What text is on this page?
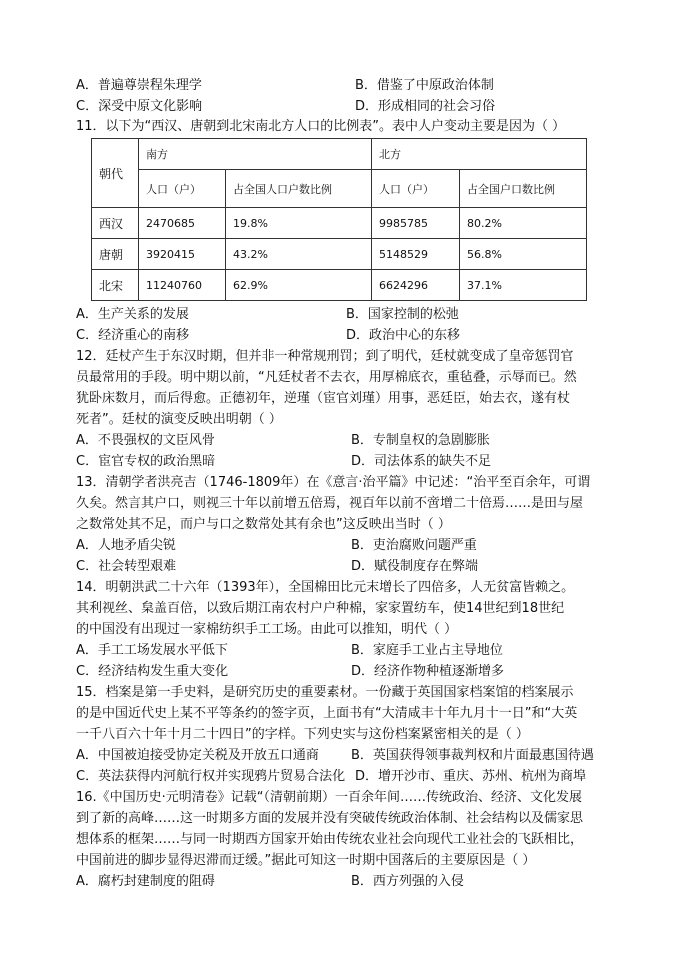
A．普遍尊崇程朱理学	B．借鉴了中原政治体制
C．深受中原文化影响	D．形成相同的社会习俗
11．以下为“西汉、唐朝到北宋南北方人口的比例表”。表中人户变动主要是因为（ ）
朝代	南方		北方	
	人口（户）	占全国人口户数比例	人口（户）	占全国户口数比例
西汉	2470685	19.8%	9985785	80.2%
唐朝	3920415	43.2%	5148529	56.8%
北宋	11240760	62.9%	6624296	37.1%
A．生产关系的发展	B．国家控制的松弛
C．经济重心的南移	D．政治中心的东移
12．廷杖产生于东汉时期，但并非一种常规刑罚；到了明代，廷杖就变成了皇帝惩罚官
员最常用的手段。明中期以前，“凡廷杖者不去衣，用厚棉底衣，重毡叠，示辱而已。然
犹卧床数月，而后得愈。正德初年，逆瑾（宦官刘瑾）用事，恶廷臣，始去衣，遂有杖
死者”。廷杖的演变反映出明朝（ ）
A．不畏强权的文臣风骨	B．专制皇权的急剧膨胀
C．宦官专权的政治黑暗	D．司法体系的缺失不足
13．清朝学者洪亮吉（1746-1809年）在《意言·治平篇》中记述：“治平至百余年，可谓
久矣。然言其户口，则视三十年以前增五倍焉，视百年以前不啻增二十倍焉……是田与屋
之数常处其不足，而户与口之数常处其有余也”这反映出当时（ ）
A．人地矛盾尖锐	B．吏治腐败问题严重
C．社会转型艰难	D．赋役制度存在弊端
14．明朝洪武二十六年（1393年），全国棉田比元末增长了四倍多，人无贫富皆赖之。
其利视丝、枲盖百倍，以致后期江南农村户户种棉，家家置纺车，使14世纪到18世纪
的中国没有出现过一家棉纺织手工工场。由此可以推知，明代（ ）
A．手工工场发展水平低下	B．家庭手工业占主导地位
C．经济结构发生重大变化	D．经济作物种植逐渐增多
15．档案是第一手史料，是研究历史的重要素材。一份藏于英国国家档案馆的档案展示
的是中国近代史上某不平等条约的签字页，上面书有“大清咸丰十年九月十一日”和“大英
一千八百六十年十月二十四日”的字样。下列史实与这份档案紧密相关的是（ ）
A．中国被迫接受协定关税及开放五口通商 B．英国获得领事裁判权和片面最惠国待遇
C．英法获得内河航行权并实现鸦片贸易合法化 D．增开沙市、重庆、苏州、杭州为商埠
16.《中国历史·元明清卷》记载“（清朝前期）一百余年间……传统政治、经济、文化发展
到了新的高峰……这一时期多方面的发展并没有突破传统政治体制、社会结构以及儒家思
想体系的框架……与同一时期西方国家开始由传统农业社会向现代工业社会的飞跃相比，
中国前进的脚步显得迟滞而迂缓。”据此可知这一时期中国落后的主要原因是（ ）
A．腐朽封建制度的阻碍	B．西方列强的入侵
